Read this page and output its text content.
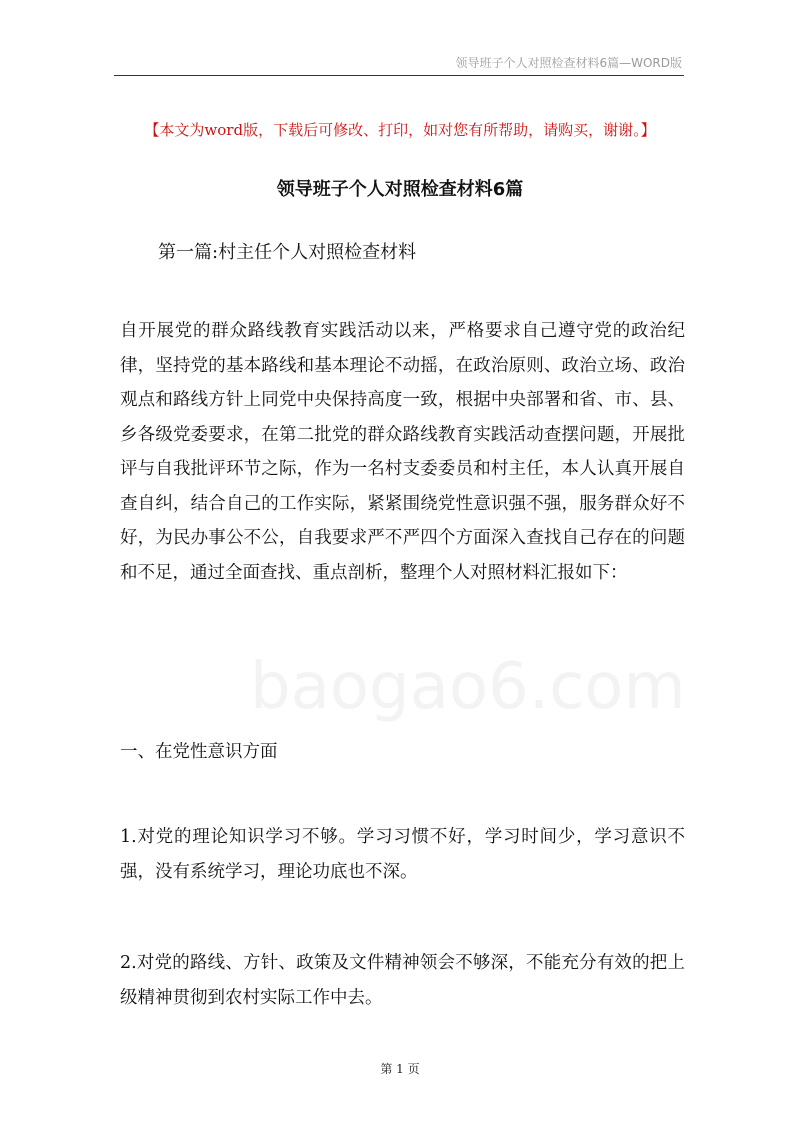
领导班子个人对照检查材料6篇—WORD版
【本文为word版，下载后可修改、打印，如对您有所帮助，请购买，谢谢。】
领导班子个人对照检查材料6篇
第一篇:村主任个人对照检查材料
自开展党的群众路线教育实践活动以来，严格要求自己遵守党的政治纪律，坚持党的基本路线和基本理论不动摇，在政治原则、政治立场、政治观点和路线方针上同党中央保持高度一致，根据中央部署和省、市、县、乡各级党委要求，在第二批党的群众路线教育实践活动查摆问题，开展批评与自我批评环节之际，作为一名村支委委员和村主任，本人认真开展自查自纠，结合自己的工作实际，紧紧围绕党性意识强不强，服务群众好不好，为民办事公不公，自我要求严不严四个方面深入查找自己存在的问题和不足，通过全面查找、重点剖析，整理个人对照材料汇报如下：
一、在党性意识方面
1.对党的理论知识学习不够。学习习惯不好，学习时间少，学习意识不强，没有系统学习，理论功底也不深。
2.对党的路线、方针、政策及文件精神领会不够深，不能充分有效的把上级精神贯彻到农村实际工作中去。
baogao6.com
第 1 页
